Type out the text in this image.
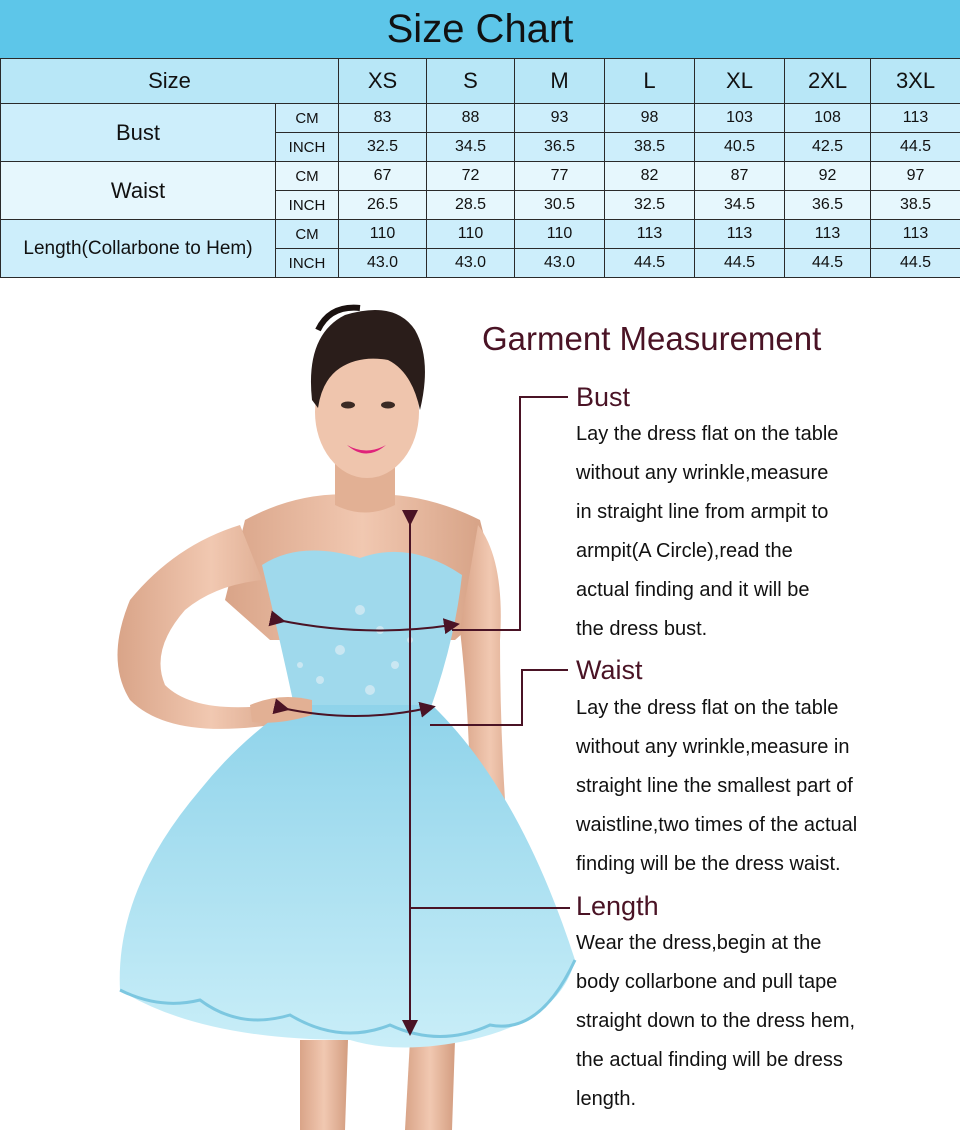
Size Chart
Size		XS	S	M	L	XL	2XL	3XL
Bust	CM	83	88	93	98	103	108	113
	INCH	32.5	34.5	36.5	38.5	40.5	42.5	44.5
Waist	CM	67	72	77	82	87	92	97
	INCH	26.5	28.5	30.5	32.5	34.5	36.5	38.5
Length(Collarbone to Hem)	CM	110	110	110	113	113	113	113
	INCH	43.0	43.0	43.0	44.5	44.5	44.5	44.5
Garment Measurement
Bust
Lay the dress flat on the table
without any wrinkle,measure
in straight line from armpit to
armpit(A Circle),read the
actual finding and it will be
the dress bust.
Waist
Lay the dress flat on the table
without any wrinkle,measure in
straight line the smallest part of
waistline,two times of the actual
finding will be the dress waist.
Length
Wear the dress,begin at the
body collarbone and pull tape
straight down to the dress hem,
the actual finding will be dress
length.
